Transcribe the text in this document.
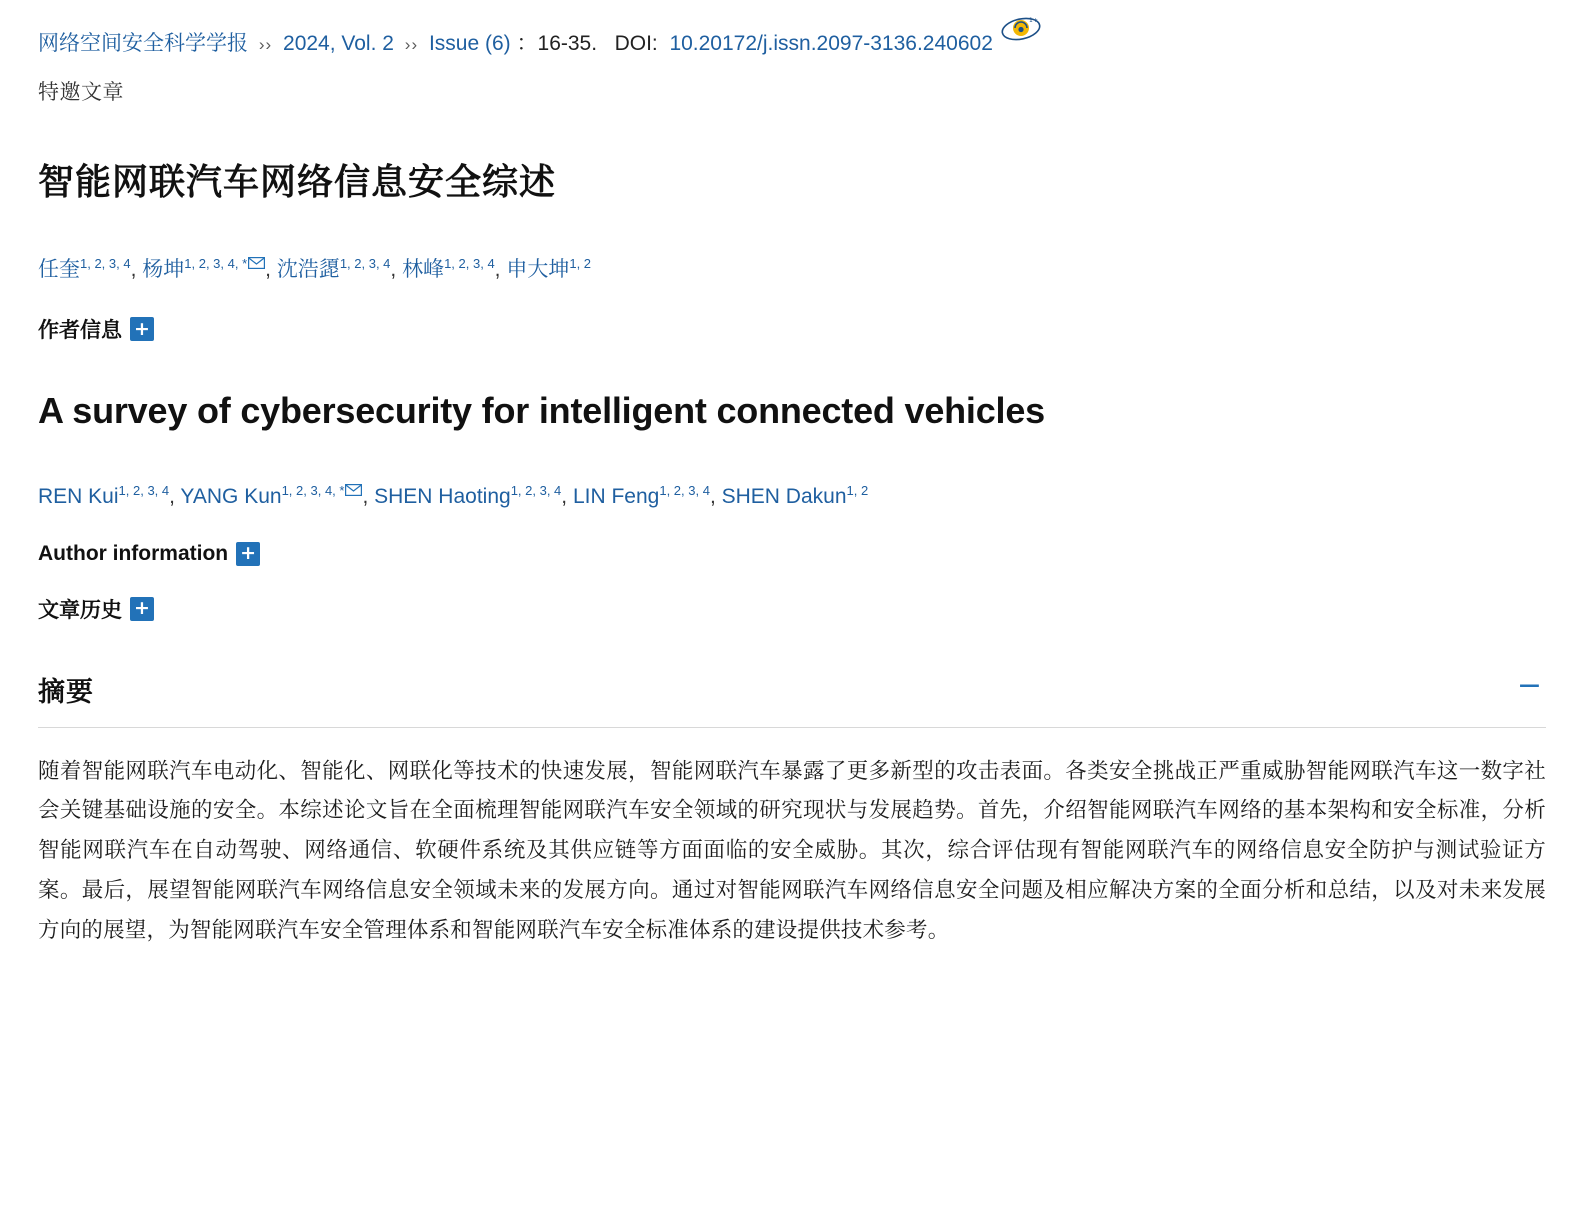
网络空间安全科学学报 ›› 2024, Vol. 2 ›› Issue (6) ：16-35.   DOI:  10.20172/j.issn.2097-3136.240602
1+
特邀文章
智能网联汽车网络信息安全综述
任奎$^{1, 2, 3, 4}$, 杨坤$^{1, 2, 3, 4, *}$ , 沈浩頾$^{1, 2, 3, 4}$, 林峰$^{1, 2, 3, 4}$, 申大坤$^{1, 2}$
作者信息 +
A survey of cybersecurity for intelligent connected vehicles
REN Kui$^{1, 2, 3, 4}$, YANG Kun$^{1, 2, 3, 4, *}$ , SHEN Haoting$^{1, 2, 3, 4}$, LIN Feng$^{1, 2, 3, 4}$, SHEN Dakun$^{1, 2}$
Author information +
文章历史 +
摘要	−
随着智能网联汽车电动化、智能化、网联化等技术的快速发展，智能网联汽车暴露了更多新型的攻击表面。各类安全挑战正严重威胁智能网联汽车这一数字社会关键基础设施的安全。本综述论文旨在全面梳理智能网联汽车安全领域的研究现状与发展趋势。首先，介绍智能网联汽车网络的基本架构和安全标准，分析智能网联汽车在自动驾驶、网络通信、软硬件系统及其供应链等方面面临的安全威胁。其次，综合评估现有智能网联汽车的网络信息安全防护与测试验证方案。最后，展望智能网联汽车网络信息安全领域未来的发展方向。通过对智能网联汽车网络信息安全问题及相应解决方案的全面分析和总结，以及对未来发展方向的展望，为智能网联汽车安全管理体系和智能网联汽车安全标准体系的建设提供技术参考。
